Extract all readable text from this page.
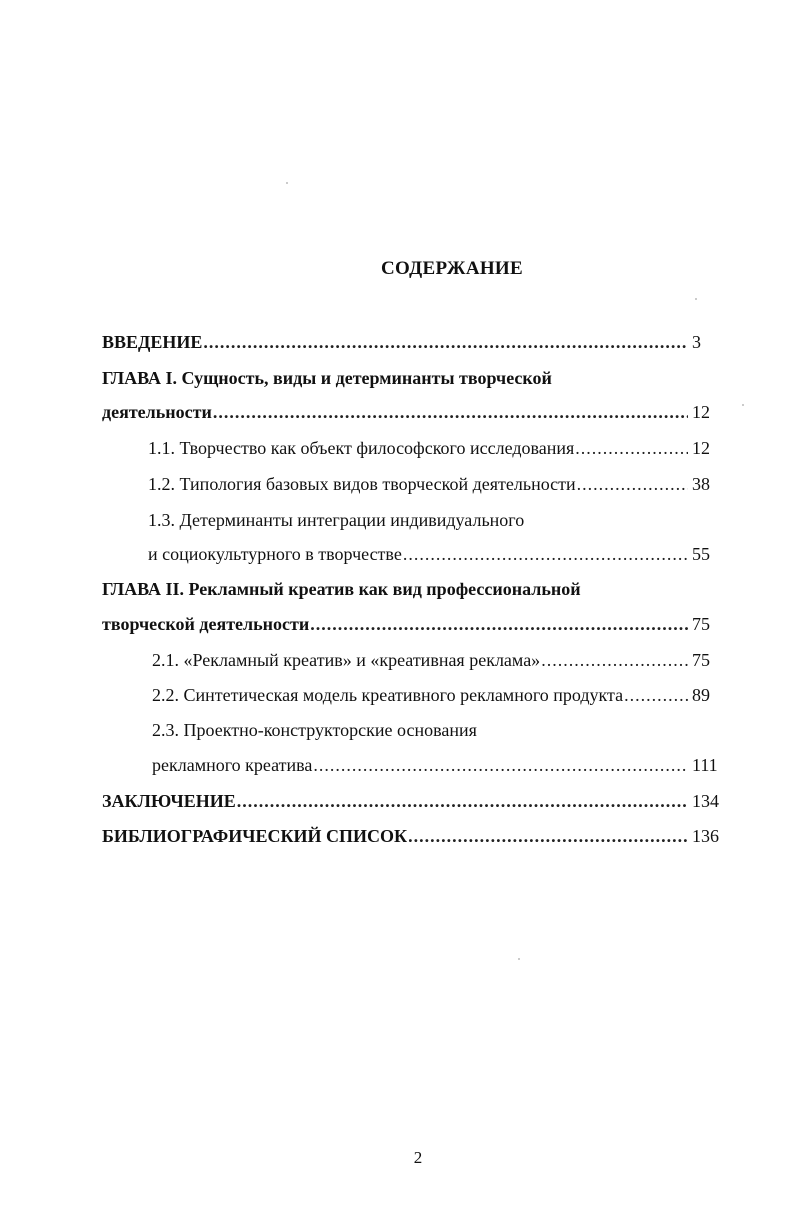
СОДЕРЖАНИЕ
ВВЕДЕНИЕ .....	3
ГЛАВА I. Сущность, виды и детерминанты творческой
деятельности .....	12
1.1. Творчество как объект философского исследования .....	12
1.2. Типология базовых видов творческой деятельности .....	38
1.3. Детерминанты интеграции индивидуального
и социокультурного в творчестве .....	55
ГЛАВА II. Рекламный креатив как вид профессиональной
творческой деятельности .....	75
2.1. «Рекламный креатив» и «креативная реклама» .....	75
2.2. Синтетическая модель креативного рекламного продукта .....	89
2.3. Проектно-конструкторские основания
рекламного креатива .....	111
ЗАКЛЮЧЕНИЕ .....	134
БИБЛИОГРАФИЧЕСКИЙ СПИСОК .....	136
2
